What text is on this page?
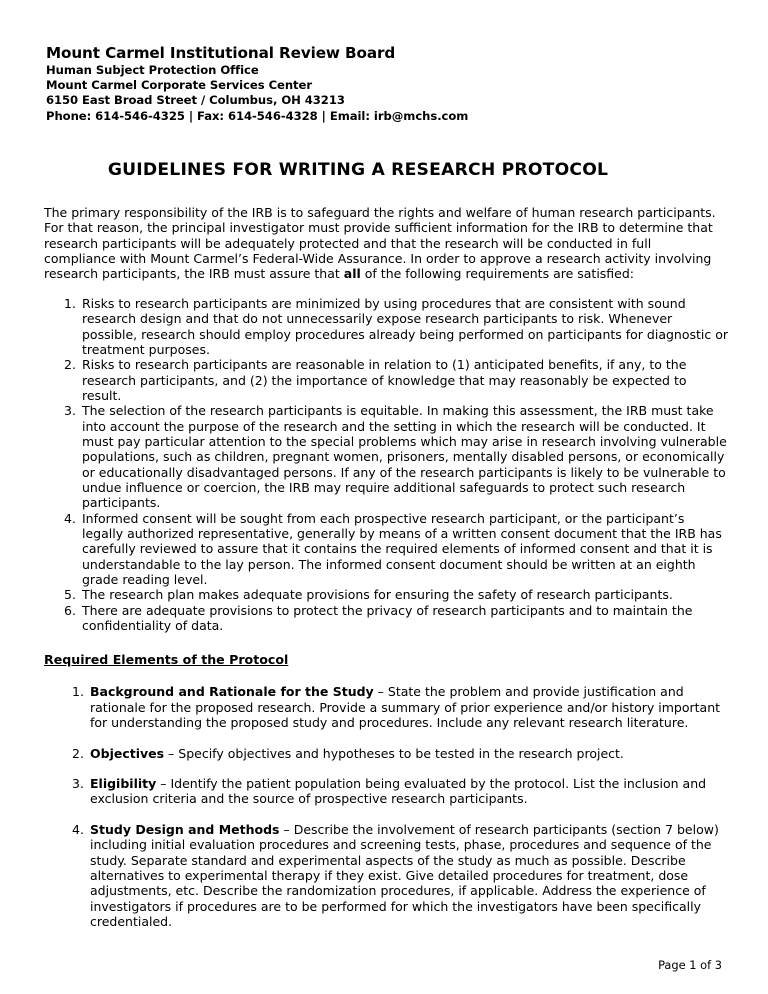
Mount Carmel Institutional Review Board
Human Subject Protection Office
Mount Carmel Corporate Services Center
6150 East Broad Street / Columbus, OH 43213
Phone: 614-546-4325 | Fax: 614-546-4328 | Email: irb@mchs.com
GUIDELINES FOR WRITING A RESEARCH PROTOCOL

The primary responsibility of the IRB is to safeguard the rights and welfare of human research participants. For that reason, the principal investigator must provide sufficient information for the IRB to determine that research participants will be adequately protected and that the research will be conducted in full compliance with Mount Carmel’s Federal-Wide Assurance. In order to approve a research activity involving research participants, the IRB must assure that all of the following requirements are satisfied:

1. Risks to research participants are minimized by using procedures that are consistent with sound research design and that do not unnecessarily expose research participants to risk. Whenever possible, research should employ procedures already being performed on participants for diagnostic or treatment purposes.
2. Risks to research participants are reasonable in relation to (1) anticipated benefits, if any, to the research participants, and (2) the importance of knowledge that may reasonably be expected to result.
3. The selection of the research participants is equitable. In making this assessment, the IRB must take into account the purpose of the research and the setting in which the research will be conducted. It must pay particular attention to the special problems which may arise in research involving vulnerable populations, such as children, pregnant women, prisoners, mentally disabled persons, or economically or educationally disadvantaged persons. If any of the research participants is likely to be vulnerable to undue influence or coercion, the IRB may require additional safeguards to protect such research participants.
4. Informed consent will be sought from each prospective research participant, or the participant’s legally authorized representative, generally by means of a written consent document that the IRB has carefully reviewed to assure that it contains the required elements of informed consent and that it is understandable to the lay person. The informed consent document should be written at an eighth grade reading level.
5. The research plan makes adequate provisions for ensuring the safety of research participants.
6. There are adequate provisions to protect the privacy of research participants and to maintain the confidentiality of data.
Required Elements of the Protocol
1. Background and Rationale for the Study – State the problem and provide justification and rationale for the proposed research. Provide a summary of prior experience and/or history important for understanding the proposed study and procedures. Include any relevant research literature.
2. Objectives – Specify objectives and hypotheses to be tested in the research project.
3. Eligibility – Identify the patient population being evaluated by the protocol. List the inclusion and exclusion criteria and the source of prospective research participants.
4. Study Design and Methods – Describe the involvement of research participants (section 7 below) including initial evaluation procedures and screening tests, phase, procedures and sequence of the study. Separate standard and experimental aspects of the study as much as possible. Describe alternatives to experimental therapy if they exist. Give detailed procedures for treatment, dose adjustments, etc. Describe the randomization procedures, if applicable. Address the experience of investigators if procedures are to be performed for which the investigators have been specifically credentialed.
Page 1 of 3
